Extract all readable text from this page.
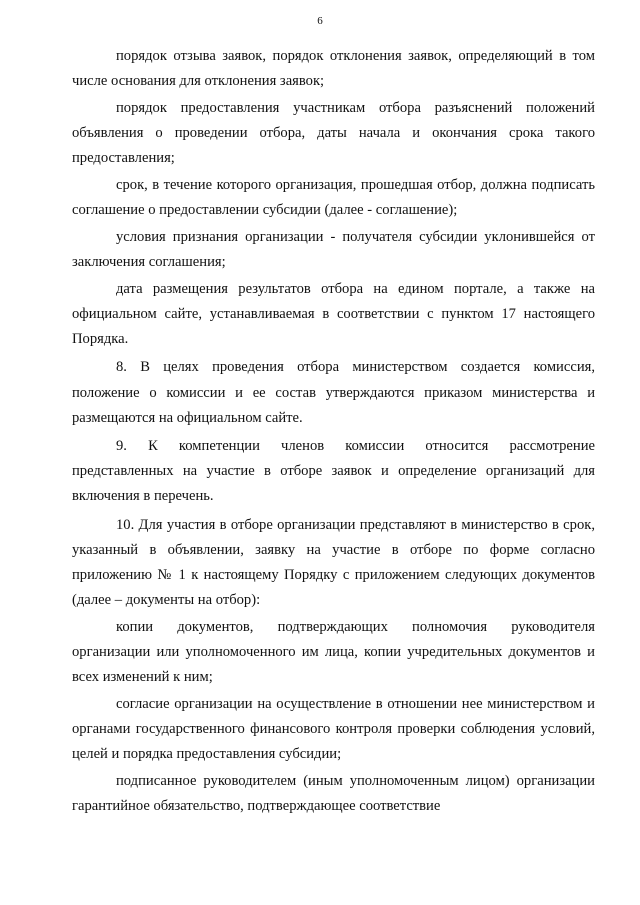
6

порядок отзыва заявок, порядок отклонения заявок, определяющий в том числе основания для отклонения заявок;

порядок предоставления участникам отбора разъяснений положений объявления о проведении отбора, даты начала и окончания срока такого предоставления;

срок, в течение которого организация, прошедшая отбор, должна подписать соглашение о предоставлении субсидии (далее - соглашение);

условия признания организации - получателя субсидии уклонившейся от заключения соглашения;

дата размещения результатов отбора на едином портале, а также на официальном сайте, устанавливаемая в соответствии с пунктом 17 настоящего Порядка.

8. В целях проведения отбора министерством создается комиссия, положение о комиссии и ее состав утверждаются приказом министерства и размещаются на официальном сайте.

9. К компетенции членов комиссии относится рассмотрение представленных на участие в отборе заявок и определение организаций для включения в перечень.

10. Для участия в отборе организации представляют в министерство в срок, указанный в объявлении, заявку на участие в отборе по форме согласно приложению № 1 к настоящему Порядку с приложением следующих документов (далее – документы на отбор):

копии документов, подтверждающих полномочия руководителя организации или уполномоченного им лица, копии учредительных документов и всех изменений к ним;

согласие организации на осуществление в отношении нее министерством и органами государственного финансового контроля проверки соблюдения условий, целей и порядка предоставления субсидии;

подписанное руководителем (иным уполномоченным лицом) организации гарантийное обязательство, подтверждающее соответствие
